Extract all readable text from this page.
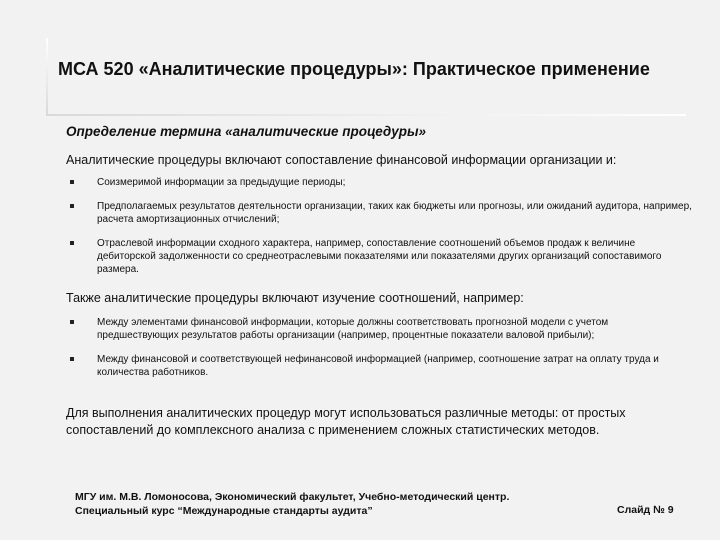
МСА 520 «Аналитические процедуры»: Практическое применение
Определение термина «аналитические процедуры»
Аналитические процедуры включают сопоставление финансовой информации организации и:
Соизмеримой информации за предыдущие периоды;
Предполагаемых результатов деятельности организации, таких как бюджеты или прогнозы, или ожиданий аудитора, например, расчета амортизационных отчислений;
Отраслевой информации сходного характера, например, сопоставление соотношений объемов продаж к величине дебиторской задолженности со среднеотраслевыми показателями или показателями других организаций сопоставимого размера.
Также аналитические процедуры включают изучение соотношений, например:
Между элементами финансовой информации, которые должны соответствовать прогнозной модели с учетом предшествующих результатов работы организации (например, процентные показатели валовой прибыли);
Между финансовой и соответствующей нефинансовой информацией (например, соотношение затрат на оплату труда и количества работников.
Для выполнения аналитических процедур могут использоваться различные методы: от простых сопоставлений до комплексного анализа с применением сложных статистических методов.
МГУ им. М.В. Ломоносова, Экономический факультет, Учебно-методический центр. Специальный курс “Международные стандарты аудита”	Слайд № 9
